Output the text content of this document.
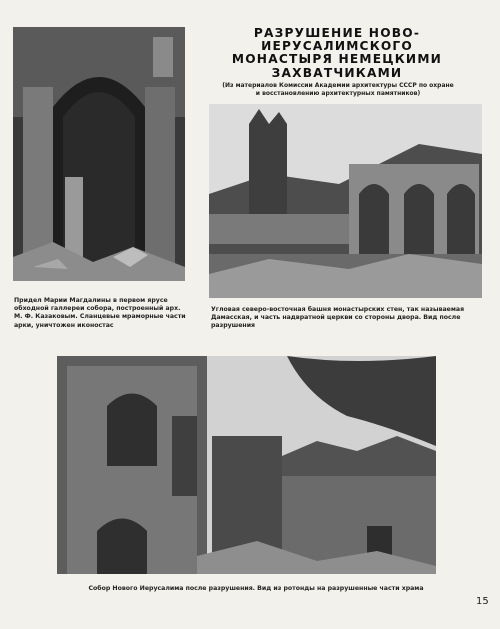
РАЗРУШЕНИЕ НОВО-ИЕРУСАЛИМСКОГО МОНАСТЫРЯ НЕМЕЦКИМИ ЗАХВАТЧИКАМИ
(Из материалов Комиссии Академии архитектуры СССР по охране и восстановлению архитектурных памятников)
Придел Марии Магдалины в первом ярусе обходной галлереи собора, построенный арх. М. Ф. Казаковым. Сланцевые мраморные части арки, уничтожен иконостас
Угловая северо-восточная башня монастырских стен, так называемая Дамасская, и часть надвратной церкви со стороны двора. Вид после разрушения
Собор Нового Иерусалима после разрушения. Вид из ротонды на разрушенные части храма
15
